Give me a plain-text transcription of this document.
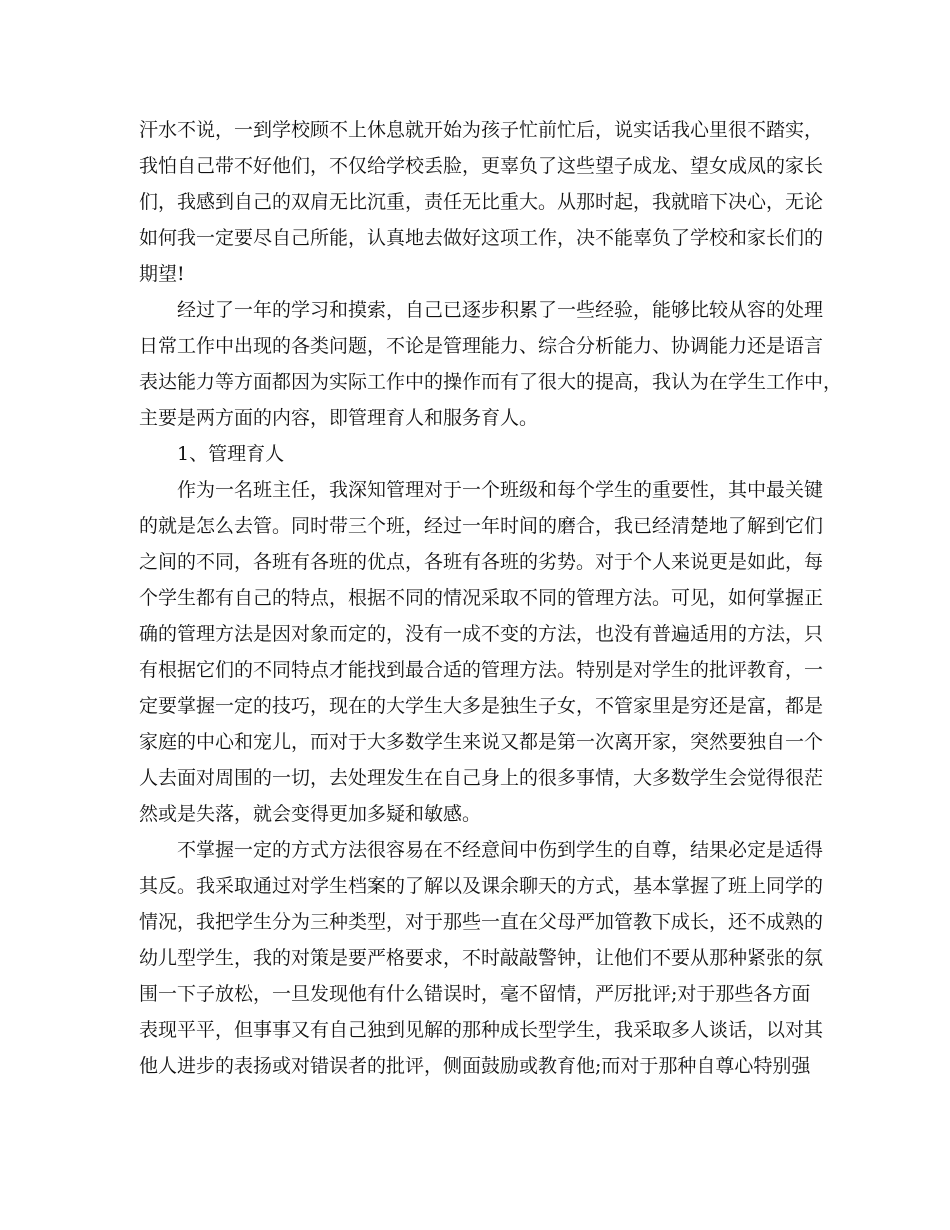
汗水不说，一到学校顾不上休息就开始为孩子忙前忙后，说实话我心里很不踏实，
我怕自己带不好他们，不仅给学校丢脸，更辜负了这些望子成龙、望女成凤的家长
们，我感到自己的双肩无比沉重，责任无比重大。从那时起，我就暗下决心，无论
如何我一定要尽自己所能，认真地去做好这项工作，决不能辜负了学校和家长们的
期望!
经过了一年的学习和摸索，自己已逐步积累了一些经验，能够比较从容的处理
日常工作中出现的各类问题，不论是管理能力、综合分析能力、协调能力还是语言
表达能力等方面都因为实际工作中的操作而有了很大的提高，我认为在学生工作中，
主要是两方面的内容，即管理育人和服务育人。
1、管理育人
作为一名班主任，我深知管理对于一个班级和每个学生的重要性，其中最关键
的就是怎么去管。同时带三个班，经过一年时间的磨合，我已经清楚地了解到它们
之间的不同，各班有各班的优点，各班有各班的劣势。对于个人来说更是如此，每
个学生都有自己的特点，根据不同的情况采取不同的管理方法。可见，如何掌握正
确的管理方法是因对象而定的，没有一成不变的方法，也没有普遍适用的方法，只
有根据它们的不同特点才能找到最合适的管理方法。特别是对学生的批评教育，一
定要掌握一定的技巧，现在的大学生大多是独生子女，不管家里是穷还是富，都是
家庭的中心和宠儿，而对于大多数学生来说又都是第一次离开家，突然要独自一个
人去面对周围的一切，去处理发生在自己身上的很多事情，大多数学生会觉得很茫
然或是失落，就会变得更加多疑和敏感。
不掌握一定的方式方法很容易在不经意间中伤到学生的自尊，结果必定是适得
其反。我采取通过对学生档案的了解以及课余聊天的方式，基本掌握了班上同学的
情况，我把学生分为三种类型，对于那些一直在父母严加管教下成长，还不成熟的
幼儿型学生，我的对策是要严格要求，不时敲敲警钟，让他们不要从那种紧张的氛
围一下子放松，一旦发现他有什么错误时，毫不留情，严厉批评;对于那些各方面
表现平平，但事事又有自己独到见解的那种成长型学生，我采取多人谈话，以对其
他人进步的表扬或对错误者的批评，侧面鼓励或教育他;而对于那种自尊心特别强
